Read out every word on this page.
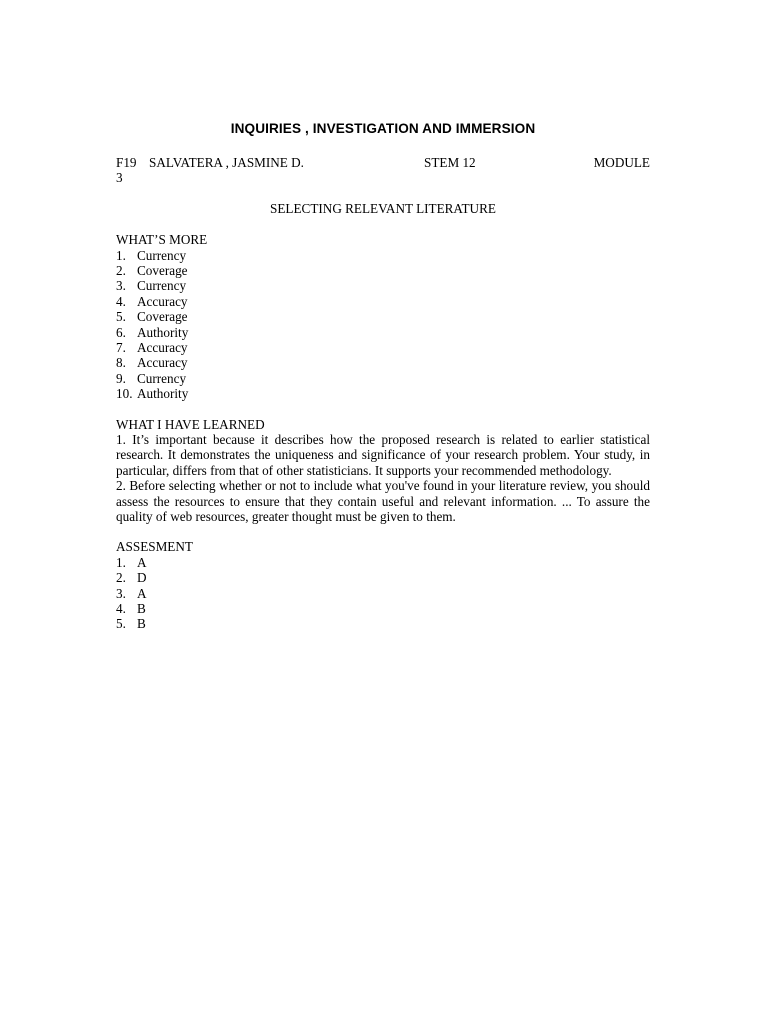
INQUIRIES , INVESTIGATION AND IMMERSION
F19 SALVATERA , JASMINE D.	STEM 12	MODULE
3
SELECTING RELEVANT LITERATURE
WHAT’S MORE
1. Currency
2. Coverage
3. Currency
4. Accuracy
5. Coverage
6. Authority
7. Accuracy
8. Accuracy
9. Currency
10. Authority
WHAT I HAVE LEARNED

1. It’s important because it describes how the proposed research is related to earlier statistical research. It demonstrates the uniqueness and significance of your research problem. Your study, in particular, differs from that of other statisticians. It supports your recommended methodology.

2. Before selecting whether or not to include what you've found in your literature review, you should assess the resources to ensure that they contain useful and relevant information. ... To assure the quality of web resources, greater thought must be given to them.

ASSESMENT
1. A
2. D
3. A
4. B
5. B
